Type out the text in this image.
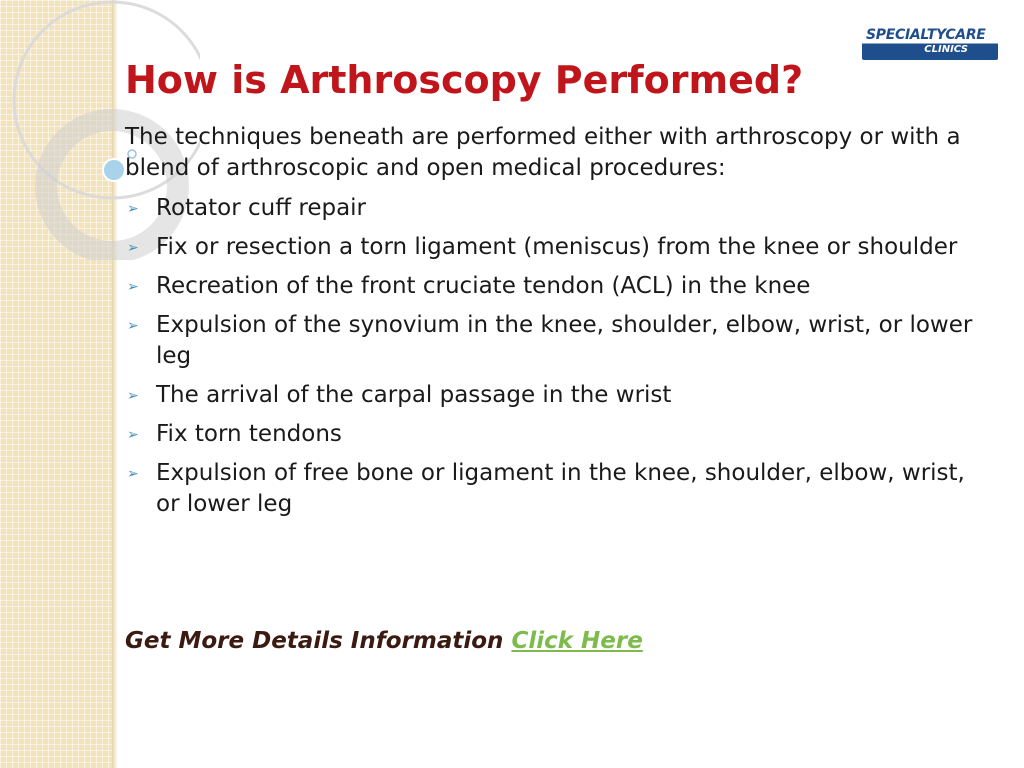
SPECIALTYCARE
CLINICS
How is Arthroscopy Performed?

The techniques beneath are performed either with arthroscopy or with a blend of arthroscopic and open medical procedures:

➢ Rotator cuff repair
➢ Fix or resection a torn ligament (meniscus) from the knee or shoulder
➢ Recreation of the front cruciate tendon (ACL) in the knee
➢ Expulsion of the synovium in the knee, shoulder, elbow, wrist, or lower leg
➢ The arrival of the carpal passage in the wrist
➢ Fix torn tendons
➢ Expulsion of free bone or ligament in the knee, shoulder, elbow, wrist, or lower leg

Get More Details Information Click Here
